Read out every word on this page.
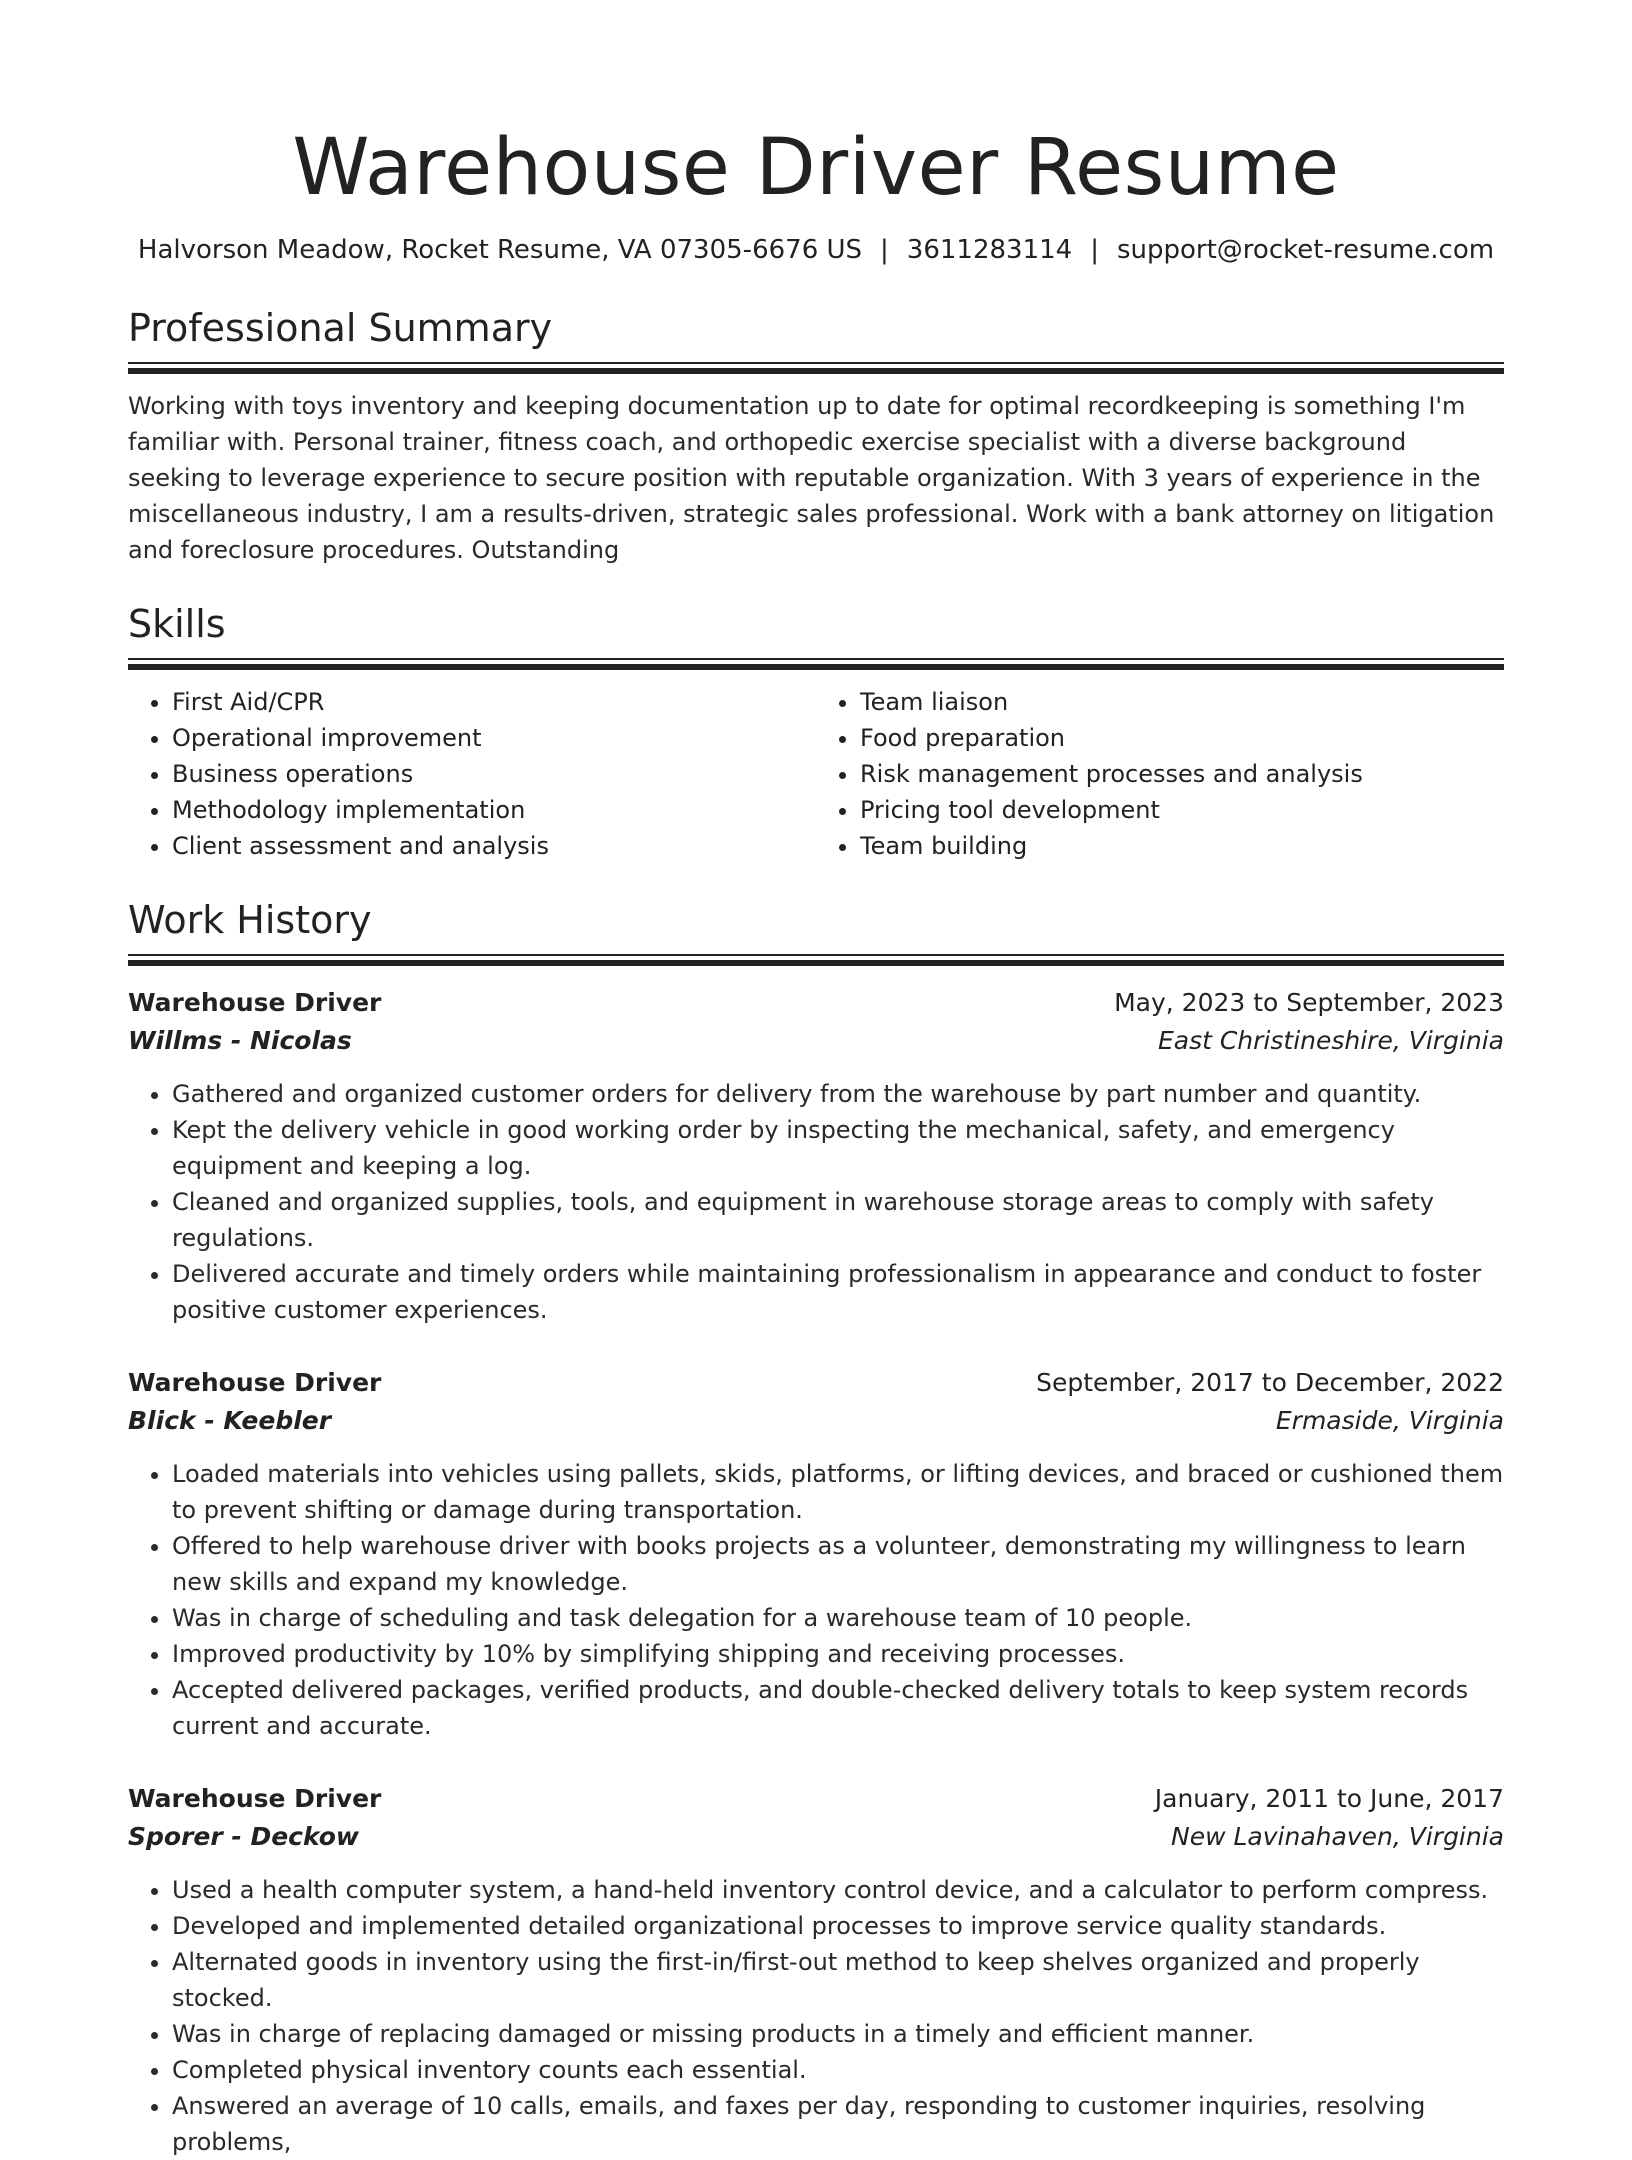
Warehouse Driver Resume
Halvorson Meadow, Rocket Resume, VA 07305-6676 US | 3611283114 | support@rocket-resume.com
Professional Summary

Working with toys inventory and keeping documentation up to date for optimal recordkeeping is something I'm familiar with. Personal trainer, fitness coach, and orthopedic exercise specialist with a diverse background seeking to leverage experience to secure position with reputable organization. With 3 years of experience in the miscellaneous industry, I am a results-driven, strategic sales professional. Work with a bank attorney on litigation and foreclosure procedures. Outstanding

Skills
• First Aid/CPR
• Operational improvement
• Business operations
• Methodology implementation
• Client assessment and analysis
• Team liaison
• Food preparation
• Risk management processes and analysis
• Pricing tool development
• Team building
Work History
Warehouse Driver	May, 2023 to September, 2023
Willms - Nicolas	East Christineshire, Virginia
• Gathered and organized customer orders for delivery from the warehouse by part number and quantity.
• Kept the delivery vehicle in good working order by inspecting the mechanical, safety, and emergency equipment and keeping a log.
• Cleaned and organized supplies, tools, and equipment in warehouse storage areas to comply with safety regulations.
• Delivered accurate and timely orders while maintaining professionalism in appearance and conduct to foster positive customer experiences.
Warehouse Driver	September, 2017 to December, 2022
Blick - Keebler	Ermaside, Virginia
• Loaded materials into vehicles using pallets, skids, platforms, or lifting devices, and braced or cushioned them to prevent shifting or damage during transportation.
• Offered to help warehouse driver with books projects as a volunteer, demonstrating my willingness to learn new skills and expand my knowledge.
• Was in charge of scheduling and task delegation for a warehouse team of 10 people.
• Improved productivity by 10% by simplifying shipping and receiving processes.
• Accepted delivered packages, verified products, and double-checked delivery totals to keep system records current and accurate.
Warehouse Driver	January, 2011 to June, 2017
Sporer - Deckow	New Lavinahaven, Virginia
• Used a health computer system, a hand-held inventory control device, and a calculator to perform compress.
• Developed and implemented detailed organizational processes to improve service quality standards.
• Alternated goods in inventory using the first-in/first-out method to keep shelves organized and properly stocked.
• Was in charge of replacing damaged or missing products in a timely and efficient manner.
• Completed physical inventory counts each essential.
• Answered an average of 10 calls, emails, and faxes per day, responding to customer inquiries, resolving problems,
